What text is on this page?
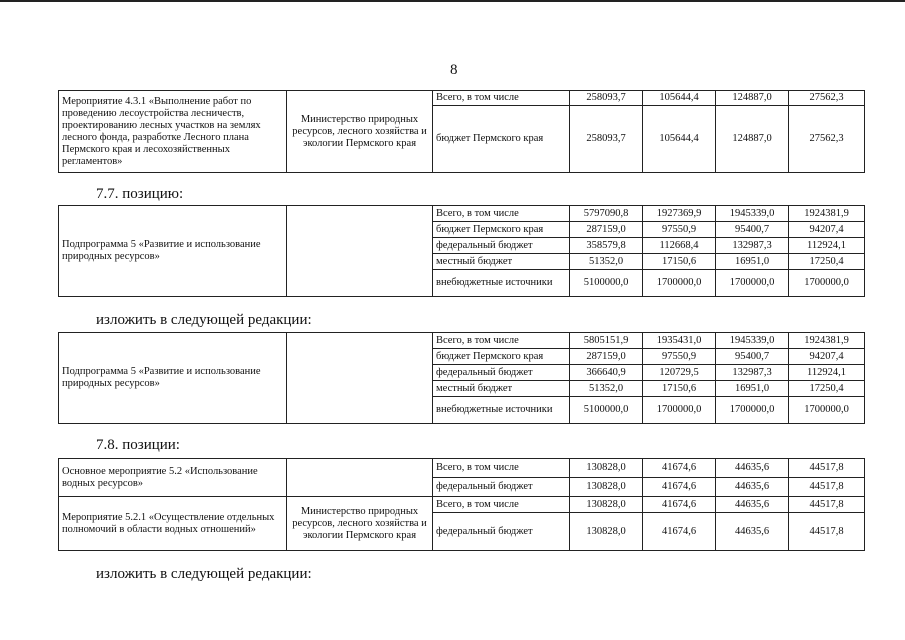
8
Мероприятие 4.3.1 «Выполнение работ по проведению лесоустройства лесничеств, проектированию лесных участков на землях лесного фонда, разработке Лесного плана Пермского края и лесохозяйственных регламентов»	Министерство природных ресурсов, лесного хозяйства и экологии Пермского края	Всего, в том числе	258093,7	105644,4	124887,0	27562,3
		бюджет Пермского края	258093,7	105644,4	124887,0	27562,3
7.7. позицию:
Подпрограмма 5 «Развитие и использование природных ресурсов»		Всего, в том числе	5797090,8	1927369,9	1945339,0	1924381,9
		бюджет Пермского края	287159,0	97550,9	95400,7	94207,4
		федеральный бюджет	358579,8	112668,4	132987,3	112924,1
		местный бюджет	51352,0	17150,6	16951,0	17250,4
		внебюджетные источники	5100000,0	1700000,0	1700000,0	1700000,0
изложить в следующей редакции:
Подпрограмма 5 «Развитие и использование природных ресурсов»		Всего, в том числе	5805151,9	1935431,0	1945339,0	1924381,9
		бюджет Пермского края	287159,0	97550,9	95400,7	94207,4
		федеральный бюджет	366640,9	120729,5	132987,3	112924,1
		местный бюджет	51352,0	17150,6	16951,0	17250,4
		внебюджетные источники	5100000,0	1700000,0	1700000,0	1700000,0
7.8. позиции:
Основное мероприятие 5.2 «Использование водных ресурсов»		Всего, в том числе	130828,0	41674,6	44635,6	44517,8
		федеральный бюджет	130828,0	41674,6	44635,6	44517,8
Мероприятие 5.2.1 «Осуществление отдельных полномочий в области водных отношений»	Министерство природных ресурсов, лесного хозяйства и экологии Пермского края	Всего, в том числе	130828,0	41674,6	44635,6	44517,8
		федеральный бюджет	130828,0	41674,6	44635,6	44517,8
изложить в следующей редакции:
